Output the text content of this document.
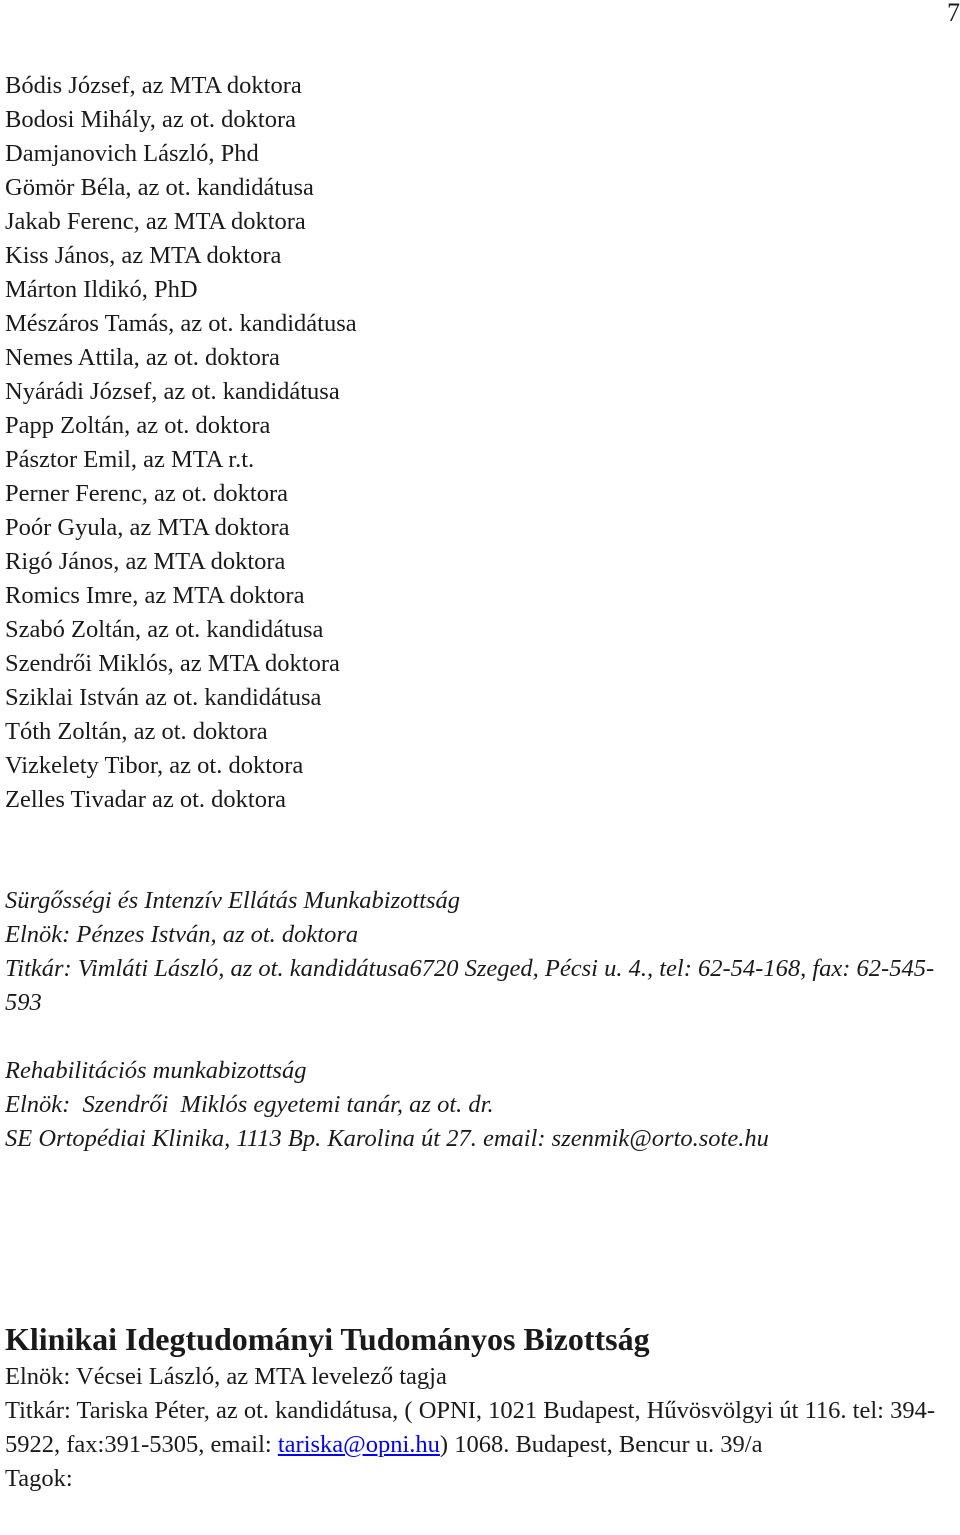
7
Bódis József, az MTA doktora
Bodosi Mihály, az ot. doktora
Damjanovich László, Phd
Gömör Béla, az ot. kandidátusa
Jakab Ferenc, az MTA doktora
Kiss János, az MTA doktora
Márton Ildikó, PhD
Mészáros Tamás, az ot. kandidátusa
Nemes Attila, az ot. doktora
Nyárádi József, az ot. kandidátusa
Papp Zoltán, az ot. doktora
Pásztor Emil, az MTA r.t.
Perner Ferenc, az ot. doktora
Poór Gyula, az MTA doktora
Rigó János, az MTA doktora
Romics Imre, az MTA doktora
Szabó Zoltán, az ot. kandidátusa
Szendrői Miklós, az MTA doktora
Sziklai István az ot. kandidátusa
Tóth Zoltán, az ot. doktora
Vizkelety Tibor, az ot. doktora
Zelles Tivadar az ot. doktora
Sürgősségi és Intenzív Ellátás Munkabizottság
Elnök: Pénzes István, az ot. doktora
Titkár: Vimláti László, az ot. kandidátusa6720 Szeged, Pécsi u. 4., tel: 62-54-168, fax: 62-545-593
Rehabilitációs munkabizottság
Elnök:  Szendrői  Miklós egyetemi tanár, az ot. dr.
SE Ortopédiai Klinika, 1113 Bp. Karolina út 27. email: szenmik@orto.sote.hu
Klinikai Idegtudományi Tudományos Bizottság
Elnök: Vécsei László, az MTA levelező tagja
Titkár: Tariska Péter, az ot. kandidátusa, ( OPNI, 1021 Budapest, Hűvösvölgyi út 116. tel: 394-5922, fax:391-5305, email: tariska@opni.hu) 1068. Budapest, Bencur u. 39/a
Tagok:
